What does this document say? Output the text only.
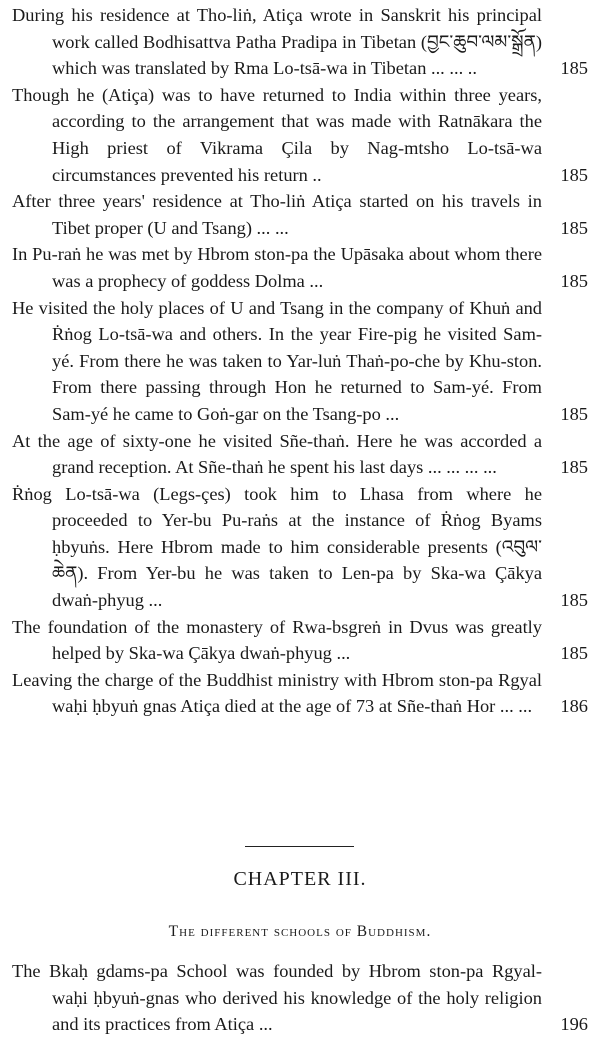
During his residence at Tho-liṅ, Atiça wrote in Sanskrit his principal work called Bodhisattva Patha Pradipa in Tibetan (བྱང་ཆུབ་ལམ་སྒྲོན) which was translated by Rma Lo-tsā-wa in Tibetan ... ... ..	185
Though he (Atiça) was to have returned to India within three years, according to the arrangement that was made with Ratnākara the High priest of Vikrama Çila by Nag-mtsho Lo-tsā-wa circumstances prevented his return ..	185
After three years' residence at Tho-liṅ Atiça started on his travels in Tibet proper (U and Tsang) ... ...	185
In Pu-raṅ he was met by Hbrom ston-pa the Upāsaka about whom there was a prophecy of goddess Dolma ...	185
He visited the holy places of U and Tsang in the company of Khuṅ and Ṙṅog Lo-tsā-wa and others. In the year Fire-pig he visited Sam-yé. From there he was taken to Yar-luṅ Thaṅ-po-che by Khu-ston. From there passing through Hon he returned to Sam-yé. From Sam-yé he came to Goṅ-gar on the Tsang-po ...	185
At the age of sixty-one he visited Sñe-thaṅ. Here he was accorded a grand reception. At Sñe-thaṅ he spent his last days ... ... ... ...	185
Ṙṅog Lo-tsā-wa (Legs-çes) took him to Lhasa from where he proceeded to Yer-bu Pu-raṅs at the instance of Ṙṅog Byams ḥbyuṅs. Here Hbrom made to him considerable presents (འབུལ་ཆེན). From Yer-bu he was taken to Len-pa by Ska-wa Çākya dwaṅ-phyug ...	185
The foundation of the monastery of Rwa-bsgreṅ in Dvus was greatly helped by Ska-wa Çākya dwaṅ-phyug ...	185
Leaving the charge of the Buddhist ministry with Hbrom ston-pa Rgyal waḥi ḥbyuṅ gnas Atiça died at the age of 73 at Sñe-thaṅ Hor ... ...	186
CHAPTER III.
The different schools of Buddhism.
The Bkaḥ gdams-pa School was founded by Hbrom ston-pa Rgyal-waḥi ḥbyuṅ-gnas who derived his knowledge of the holy religion and its practices from Atiça ...	196
